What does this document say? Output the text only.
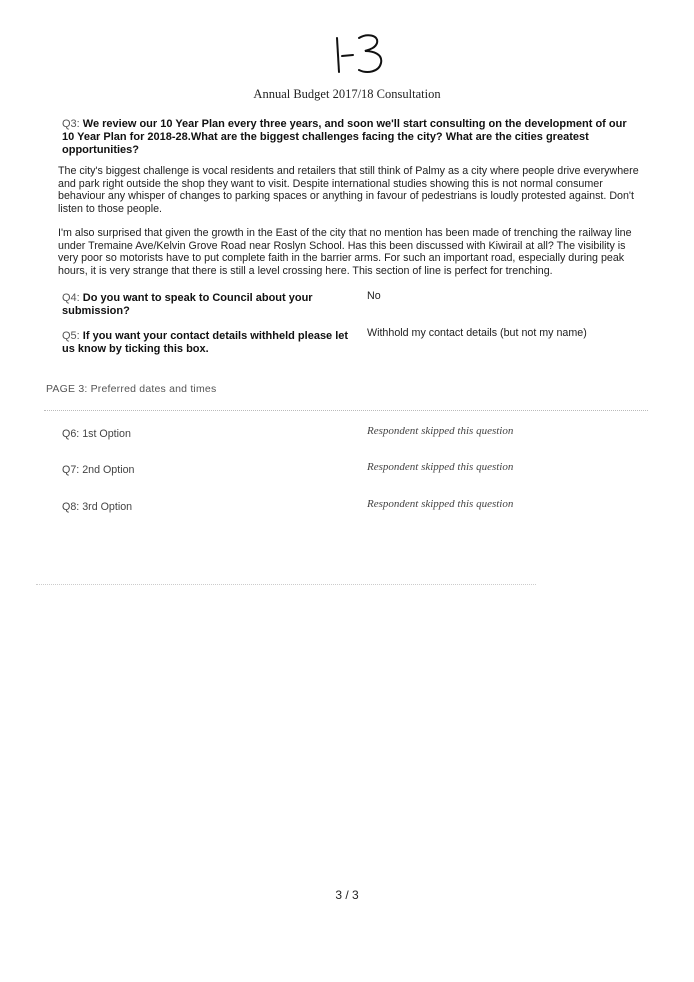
Annual Budget 2017/18 Consultation
Q3: We review our 10 Year Plan every three years, and soon we'll start consulting on the development of our 10 Year Plan for 2018-28.What are the biggest challenges facing the city? What are the cities greatest opportunities?
The city's biggest challenge is vocal residents and retailers that still think of Palmy as a city where people drive everywhere and park right outside the shop they want to visit. Despite international studies showing this is not normal consumer behaviour any whisper of changes to parking spaces or anything in favour of pedestrians is loudly protested against. Don't listen to those people.
I'm also surprised that given the growth in the East of the city that no mention has been made of trenching the railway line under Tremaine Ave/Kelvin Grove Road near Roslyn School. Has this been discussed with Kiwirail at all? The visibility is very poor so motorists have to put complete faith in the barrier arms. For such an important road, especially during peak hours, it is very strange that there is still a level crossing here. This section of line is perfect for trenching.
Q4: Do you want to speak to Council about your submission?
No
Q5: If you want your contact details withheld please let us know by ticking this box.
Withhold my contact details (but not my name)
PAGE 3: Preferred dates and times
Q6: 1st Option	Respondent skipped this question
Q7: 2nd Option	Respondent skipped this question
Q8: 3rd Option	Respondent skipped this question
3 / 3
